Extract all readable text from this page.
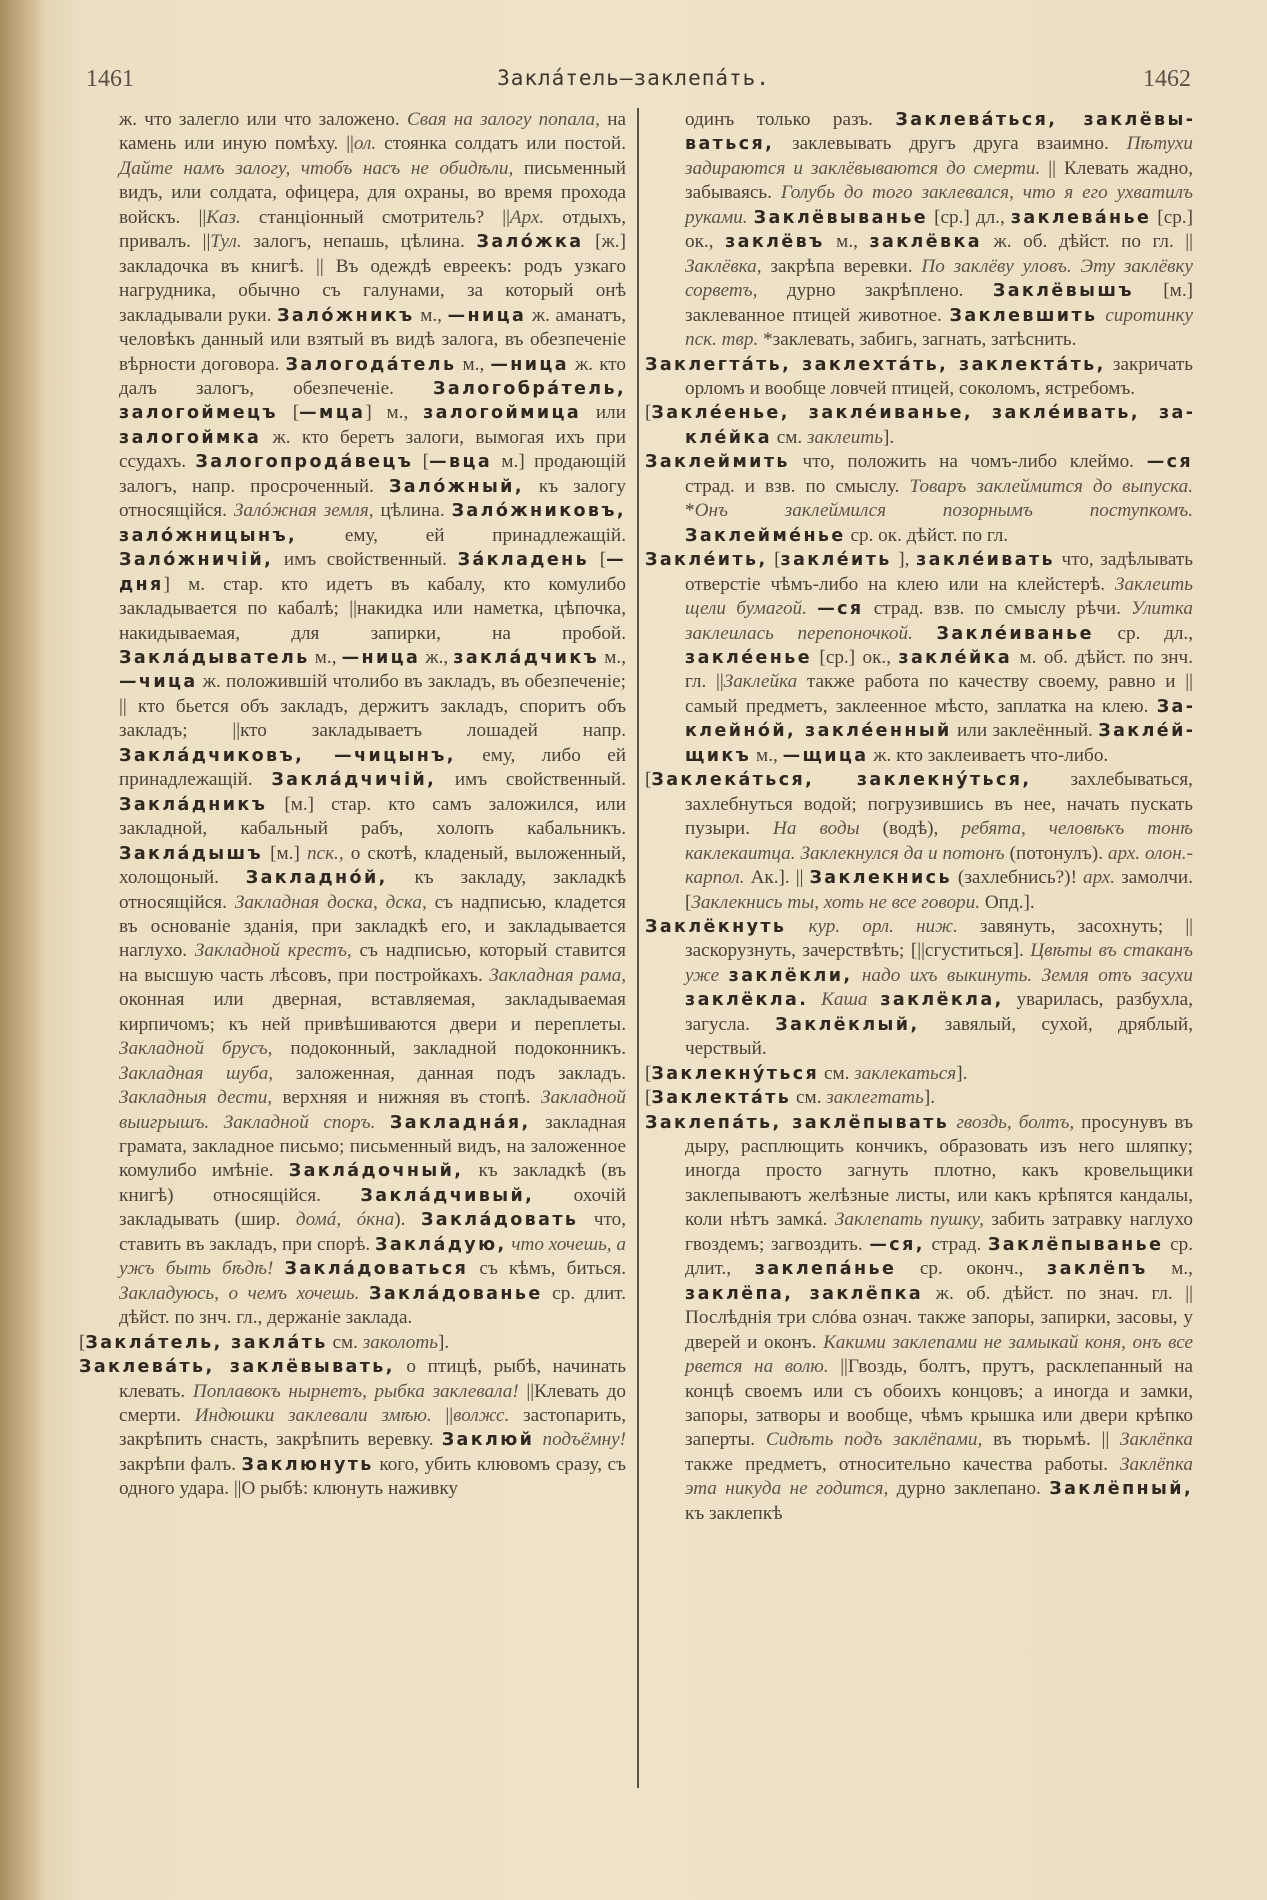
1461	Заклáтель—заклепáть.	1462

ж. что залегло или что заложено. Свая на залогу попала, на камень или иную помѣху. ||ол. стоянка солдатъ или постой. Дайте намъ залогу, чтобъ насъ не обидѣли, письменный видъ, или солдата, офицера, для охраны, во время прохода войскъ. ||Каз. станціонный смотритель? ||Арх. отдыхъ, привалъ. ||Тул. залогъ, непашь, цѣлина. Залóжка [ж.] закладочка въ книгѣ. || Въ одеждѣ евреекъ: родъ узкаго нагрудника, обычно съ галунами, за который онѣ закладывали руки. Залóжникъ м., —ница ж. аманатъ, человѣкъ данный или взятый въ видѣ залога, въ обезпеченіе вѣрности договора. Залогодáтель м., —ница ж. кто далъ залогъ, обезпеченіе. Залогобрáтель, залогоймецъ [—мца] м., залогоймица или залогоймка ж. кто беретъ залоги, вымогая ихъ при ссудахъ. Залогопродáвецъ [—вца м.] продающій залогъ, напр. просроченный. Залóжный, къ залогу относящійся. Залóжная земля, цѣлина. Залóжниковъ, залóжницынъ, ему, ей принадлежащій. Залóжничій, имъ свойственный. Зáкладень [—дня] м. стар. кто идетъ въ кабалу, кто комулибо закладывается по кабалѣ; ||накидка или наметка, цѣпочка, накидываемая, для запирки, на пробой. Заклáдыватель м., —ница ж., заклáдчикъ м., —чица ж. положившій чтолибо въ закладъ, въ обезпеченіе; || кто бьется объ закладъ, держитъ закладъ, споритъ объ закладъ; ||кто закладываетъ лошадей напр. Заклáдчиковъ, —чицынъ, ему, либо ей принадлежащій. Заклáдчичій, имъ свойственный. Заклáдникъ [м.] стар. кто самъ заложился, или закладной, кабальный рабъ, холопъ кабальникъ. Заклáдышъ [м.] пск., о скотѣ, кладеный, выложенный, холощоный. Закладнóй, къ закладу, закладкѣ относящійся. Закладная доска, дска, съ надписью, кладется въ основаніе зданія, при закладкѣ его, и закладывается наглухо. Закладной крестъ, съ надписью, который ставится на высшую часть лѣсовъ, при постройкахъ. Закладная рама, оконная или дверная, вставляемая, закладываемая кирпичомъ; къ ней привѣшиваются двери и переплеты. Закладной брусъ, подоконный, закладной подоконникъ. Закладная шуба, заложенная, данная подъ закладъ. Закладныя дести, верхняя и нижняя въ стопѣ. Закладной выигрышъ. Закладной споръ. Закладнáя, закладная грамата, закладное письмо; письменный видъ, на заложенное комулибо имѣніе. Заклáдочный, къ закладкѣ (въ книгѣ) относящійся. Заклáдчивый, охочій закладывать (шир. домá, óкна). Заклáдовать что, ставить въ закладъ, при спорѣ. Заклáдую, что хочешь, а ужъ быть бѣдѣ! Заклáдоваться съ кѣмъ, биться. Закладуюсь, о чемъ хочешь. Заклáдованье ср. длит. дѣйст. по знч. гл., держаніе заклада.

[Заклáтель, заклáть см. заколоть].

Заклевáть, заклёвывать, о птицѣ, рыбѣ, начинать клевать. Поплавокъ нырнетъ, рыбка заклевала! ||Клевать до смерти. Индюшки заклевали змѣю. ||волжс. застопарить, закрѣпить снасть, закрѣпить веревку. Заклюй подъёмну! закрѣпи фалъ. Заклюнуть кого, убить клювомъ сразу, съ одного удара. ||О рыбѣ: клюнуть наживку

одинъ только разъ. Заклевáться, заклёвываться, заклевывать другъ друга взаимно. Пѣтухи задираются и заклёвываются до смерти. || Клевать жадно, забываясь. Голубь до того заклевался, что я его ухватилъ руками. Заклёвыванье [ср.] дл., заклевáнье [ср.] ок., заклёвъ м., заклёвка ж. об. дѣйст. по гл. ||Заклёвка, закрѣпа веревки. По заклёву уловъ. Эту заклёвку сорветъ, дурно закрѣплено. Заклёвышъ [м.] заклеванное птицей животное. Заклевшить сиротинку пск. твр. *заклевать, забигь, загнать, затѣснить.

Заклегтáть, заклехтáть, заклектáть, закричать орломъ и вообще ловчей птицей, соколомъ, ястребомъ.

[Заклéенье, заклéиванье, заклéивать, заклéйка см. заклеить].

Заклеймить что, положить на чомъ-либо клеймо. —ся страд. и взв. по смыслу. Товаръ заклеймится до выпуска. *Онъ заклеймился позорнымъ поступкомъ. Заклеймéнье ср. ок. дѣйст. по гл.

Заклéить, [заклéить ], заклéивать что, задѣлывать отверстіе чѣмъ-либо на клею или на клейстерѣ. Заклеить щели бумагой. —ся страд. взв. по смыслу рѣчи. Улитка заклеилась перепоночкой. Заклéиванье ср. дл., заклéенье [ср.] ок., заклéйка м. об. дѣйст. по знч. гл. ||Заклейка также работа по качеству своему, равно и ||самый предметъ, заклеенное мѣсто, заплатка на клею. Заклейнóй, заклéенный или заклеённый. Заклéйщикъ м., —щица ж. кто заклеиваетъ что-либо.

[Заклекáться, заклекнýться, захлебываться, захлебнуться водой; погрузившись въ нее, начать пускать пузыри. На воды (водѣ), ребята, человѣкъ тонѣ каклекаитца. Заклекнулся да и потонъ (потонулъ). арх. олон.-карпол. Ак.]. || Заклекнись (захлебнись?)! арх. замолчи. [Заклекнись ты, хоть не все говори. Опд.].

Заклёкнуть кур. орл. ниж. завянуть, засохнуть; || заскорузнуть, зачерствѣть; [||сгуститься]. Цвѣты въ стаканъ уже заклёкли, надо ихъ выкинуть. Земля отъ засухи заклёкла. Каша заклёкла, уварилась, разбухла, загусла. Заклёклый, завялый, сухой, дряблый, черствый.

[Заклекнýться см. заклекаться].

[Заклектáть см. заклегтать].

Заклепáть, заклёпывать гвоздь, болтъ, просунувъ въ дыру, расплющить кончикъ, образовать изъ него шляпку; иногда просто загнуть плотно, какъ кровельщики заклепываютъ желѣзные листы, или какъ крѣпятся кандалы, коли нѣтъ замкá. Заклепать пушку, забить затравку наглухо гвоздемъ; загвоздить. —ся, страд. Заклёпыванье ср. длит., заклепáнье ср. оконч., заклёпъ м., заклёпа, заклёпка ж. об. дѣйст. по знач. гл. ||Послѣднія три слóва означ. также запоры, запирки, засовы, у дверей и оконъ. Какими заклепами не замыкай коня, онъ все рвется на волю. ||Гвоздь, болтъ, прутъ, расклепанный на концѣ своемъ или съ обоихъ концовъ; а иногда и замки, запоры, затворы и вообще, чѣмъ крышка или двери крѣпко заперты. Сидѣть подъ заклёпами, въ тюрьмѣ. || Заклёпка также предметъ, относительно качества работы. Заклёпка эта никуда не годится, дурно заклепано. Заклёпный, къ заклепкѣ
